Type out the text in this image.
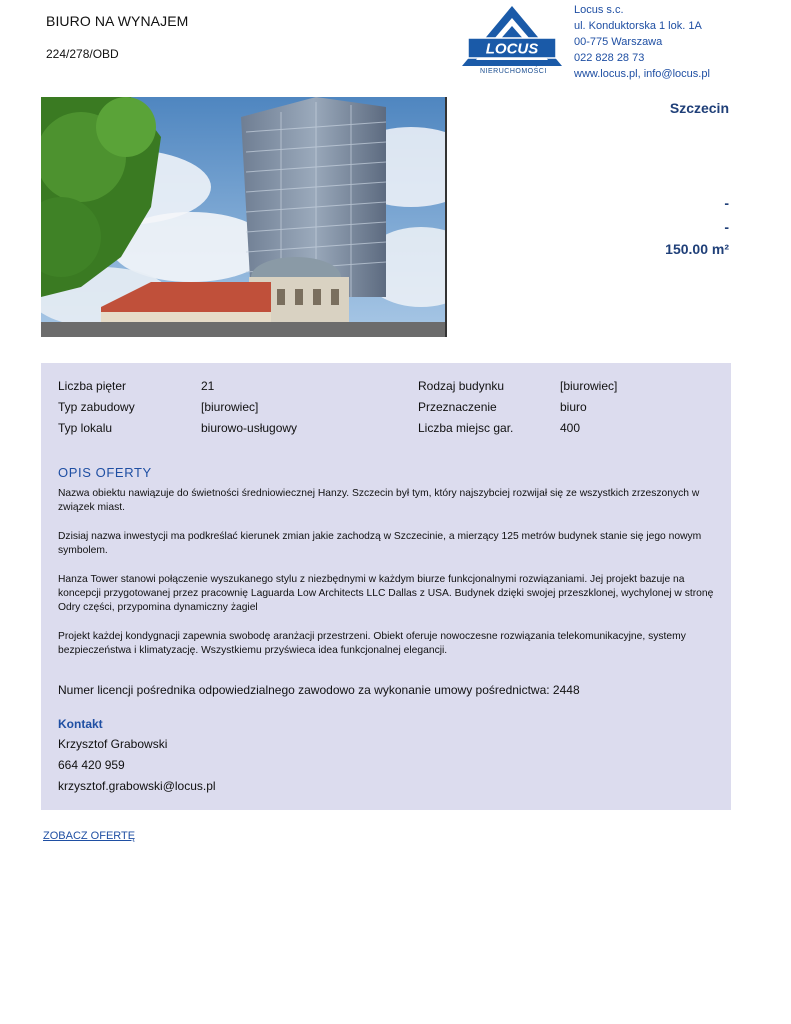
BIURO NA WYNAJEM
224/278/OBD	LOCUS
NIERUCHOMOŚCI
Locus s.c.
ul. Konduktorska 1 lok. 1A
00-775 Warszawa
022 828 28 73
www.locus.pl, info@locus.pl
Szczecin
-
-
150.00 m²
Liczba pięter	21	Rodzaj budynku	[biurowiec]
Typ zabudowy	[biurowiec]	Przeznaczenie	biuro
Typ lokalu	biurowo-usługowy	Liczba miejsc gar.	400
OPIS OFERTY

Nazwa obiektu nawiązuje do świetności średniowiecznej Hanzy. Szczecin był tym, który najszybciej rozwijał się ze wszystkich zrzeszonych w związek miast.

Dzisiaj nazwa inwestycji ma podkreślać kierunek zmian jakie zachodzą w Szczecinie, a mierzący 125 metrów budynek stanie się jego nowym symbolem.

Hanza Tower stanowi połączenie wyszukanego stylu z niezbędnymi w każdym biurze funkcjonalnymi rozwiązaniami. Jej projekt bazuje na koncepcji przygotowanej przez pracownię Laguarda Low Architects LLC Dallas z USA. Budynek dzięki swojej przeszklonej, wychylonej w stronę Odry części, przypomina dynamiczny żagiel

Projekt każdej kondygnacji zapewnia swobodę aranżacji przestrzeni. Obiekt oferuje nowoczesne rozwiązania telekomunikacyjne, systemy bezpieczeństwa i klimatyzację. Wszystkiemu przyświeca idea funkcjonalnej elegancji.

Numer licencji pośrednika odpowiedzialnego zawodowo za wykonanie umowy pośrednictwa: 2448
Kontakt
Krzysztof Grabowski
664 420 959
krzysztof.grabowski@locus.pl
ZOBACZ OFERTĘ
